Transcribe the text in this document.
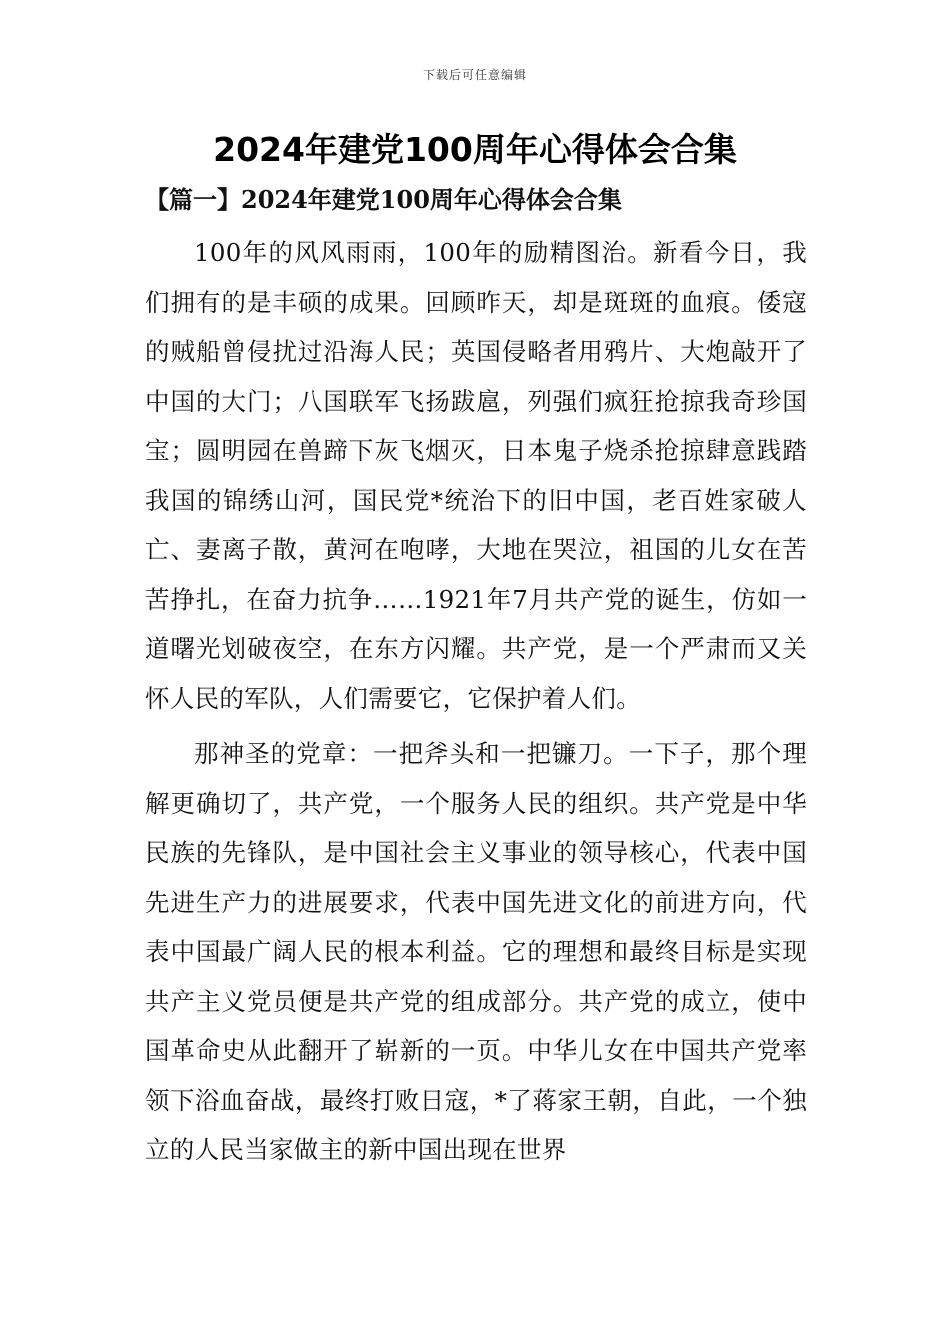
下载后可任意编辑
2024年建党100周年心得体会合集
【篇一】2024年建党100周年心得体会合集

100年的风风雨雨，100年的励精图治。新看今日，我们拥有的是丰硕的成果。回顾昨天，却是斑斑的血痕。倭寇的贼船曾侵扰过沿海人民；英国侵略者用鸦片、大炮敲开了中国的大门；八国联军飞扬跋扈，列强们疯狂抢掠我奇珍国宝；圆明园在兽蹄下灰飞烟灭，日本鬼子烧杀抢掠肆意践踏我国的锦绣山河，国民党*统治下的旧中国，老百姓家破人亡、妻离子散，黄河在咆哮，大地在哭泣，祖国的儿女在苦苦挣扎，在奋力抗争……1921年7月共产党的诞生，仿如一道曙光划破夜空，在东方闪耀。共产党，是一个严肃而又关怀人民的军队，人们需要它，它保护着人们。

那神圣的党章：一把斧头和一把镰刀。一下子，那个理解更确切了，共产党，一个服务人民的组织。共产党是中华民族的先锋队，是中国社会主义事业的领导核心，代表中国先进生产力的进展要求，代表中国先进文化的前进方向，代表中国最广阔人民的根本利益。它的理想和最终目标是实现共产主义党员便是共产党的组成部分。共产党的成立，使中国革命史从此翻开了崭新的一页。中华儿女在中国共产党率领下浴血奋战，最终打败日寇，*了蒋家王朝，自此，一个独立的人民当家做主的新中国出现在世界
